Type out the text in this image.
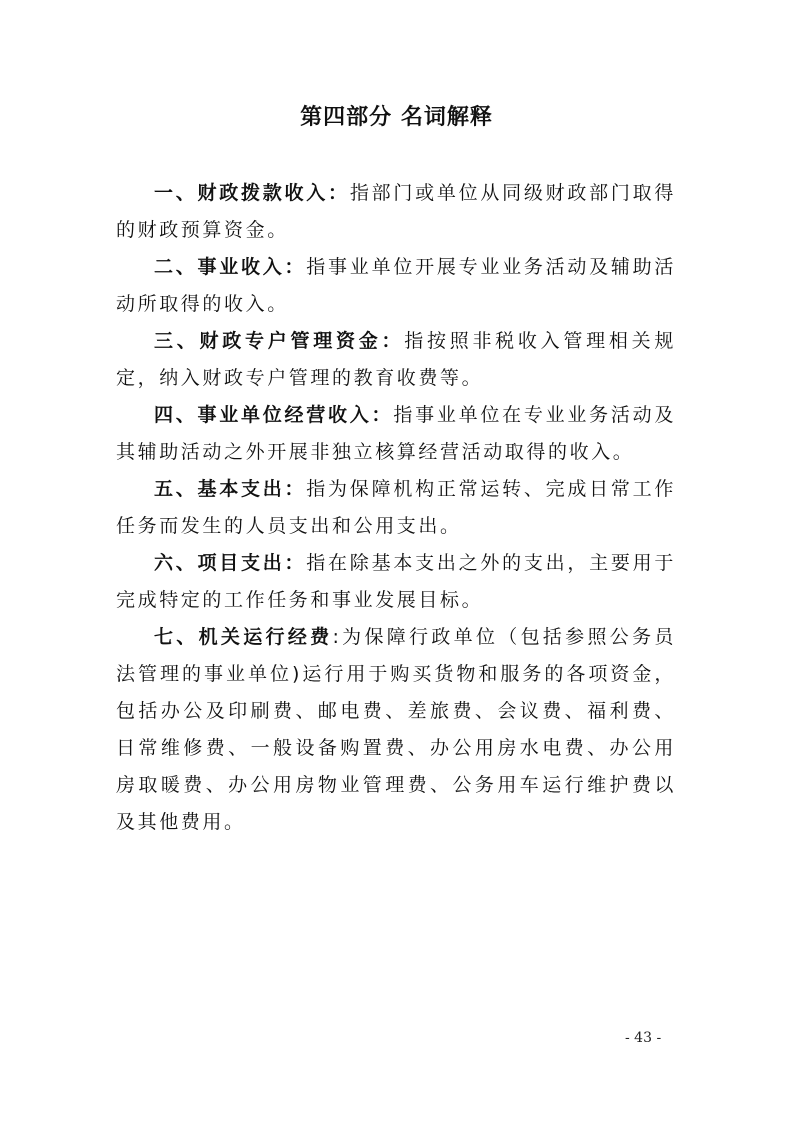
第四部分 名词解释

一、财政拨款收入：指部门或单位从同级财政部门取得的财政预算资金。

二、事业收入：指事业单位开展专业业务活动及辅助活动所取得的收入。

三、财政专户管理资金：指按照非税收入管理相关规定，纳入财政专户管理的教育收费等。

四、事业单位经营收入：指事业单位在专业业务活动及其辅助活动之外开展非独立核算经营活动取得的收入。

五、基本支出：指为保障机构正常运转、完成日常工作任务而发生的人员支出和公用支出。

六、项目支出：指在除基本支出之外的支出，主要用于完成特定的工作任务和事业发展目标。

七、机关运行经费:为保障行政单位（包括参照公务员法管理的事业单位)运行用于购买货物和服务的各项资金，包括办公及印刷费、邮电费、差旅费、会议费、福利费、日常维修费、一般设备购置费、办公用房水电费、办公用房取暖费、办公用房物业管理费、公务用车运行维护费以及其他费用。

- 43 -
